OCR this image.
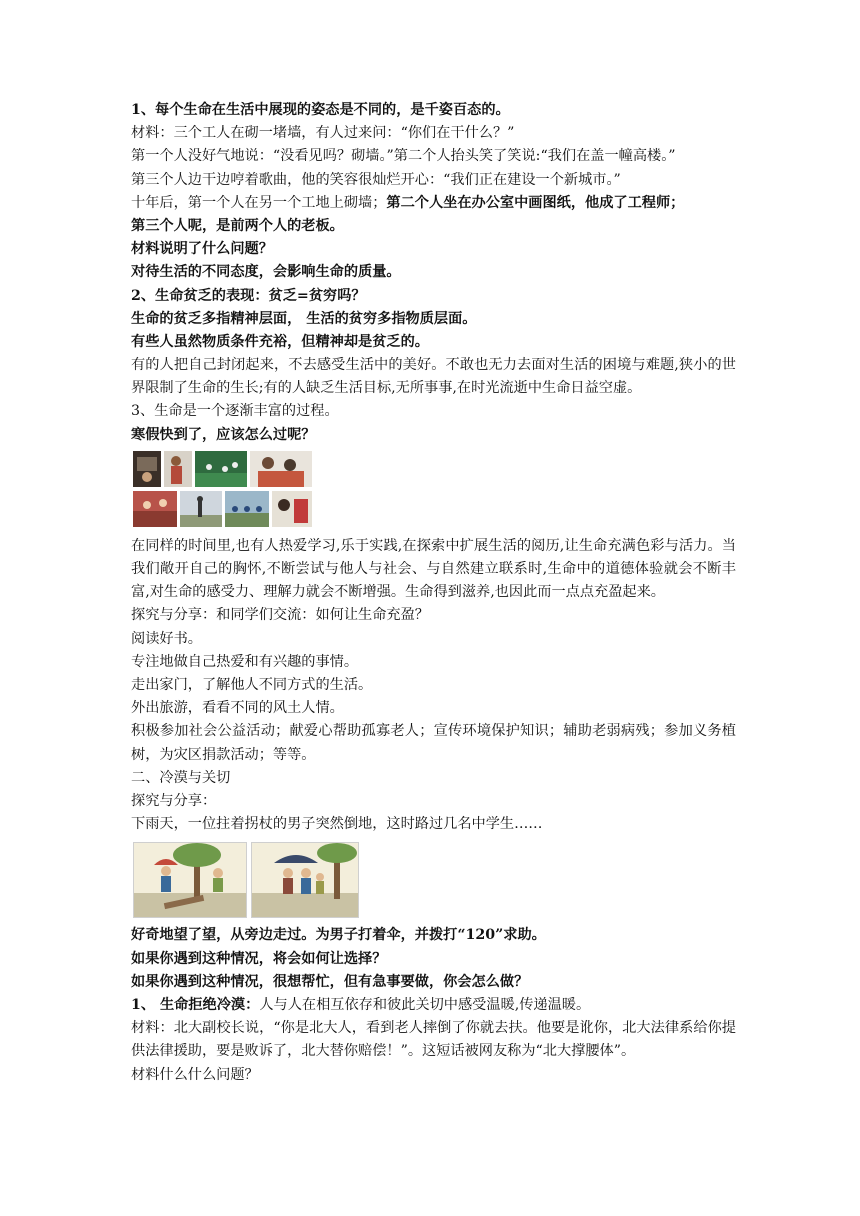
1、每个生命在生活中展现的姿态是不同的，是千姿百态的。
材料：三个工人在砌一堵墙，有人过来问：“你们在干什么？”
第一个人没好气地说：“没看见吗？砌墙。”第二个人抬头笑了笑说:“我们在盖一幢高楼。”
第三个人边干边哼着歌曲，他的笑容很灿烂开心：“我们正在建设一个新城市。”
十年后，第一个人在另一个工地上砌墙；第二个人坐在办公室中画图纸，他成了工程师；
第三个人呢，是前两个人的老板。
材料说明了什么问题？
对待生活的不同态度，会影响生命的质量。
2、生命贫乏的表现：贫乏=贫穷吗？
生命的贫乏多指精神层面， 生活的贫穷多指物质层面。
有些人虽然物质条件充裕，但精神却是贫乏的。
有的人把自己封闭起来，不去感受生活中的美好。不敢也无力去面对生活的困境与难题,狭小的世界限制了生命的生长;有的人缺乏生活目标,无所事事,在时光流逝中生命日益空虚。
3、生命是一个逐渐丰富的过程。
寒假快到了，应该怎么过呢？
在同样的时间里,也有人热爱学习,乐于实践,在探索中扩展生活的阅历,让生命充满色彩与活力。当我们敞开自己的胸怀,不断尝试与他人与社会、与自然建立联系时,生命中的道德体验就会不断丰富,对生命的感受力、理解力就会不断增强。生命得到滋养,也因此而一点点充盈起来。
探究与分享：和同学们交流：如何让生命充盈？
阅读好书。
专注地做自己热爱和有兴趣的事情。
走出家门，了解他人不同方式的生活。
外出旅游，看看不同的风土人情。
积极参加社会公益活动；献爱心帮助孤寡老人；宣传环境保护知识；辅助老弱病残；参加义务植树，为灾区捐款活动；等等。
二、冷漠与关切
探究与分享：
下雨天，一位拄着拐杖的男子突然倒地，这时路过几名中学生……
好奇地望了望，从旁边走过。为男子打着伞，并拨打“120”求助。
如果你遇到这种情况，将会如何让选择？
如果你遇到这种情况，很想帮忙，但有急事要做，你会怎么做？
1、 生命拒绝冷漠：人与人在相互依存和彼此关切中感受温暖,传递温暖。
材料：北大副校长说，“你是北大人，看到老人摔倒了你就去扶。他要是讹你，北大法律系给你提供法律援助，要是败诉了，北大替你赔偿！”。这短话被网友称为“北大撑腰体”。
材料什么什么问题？
